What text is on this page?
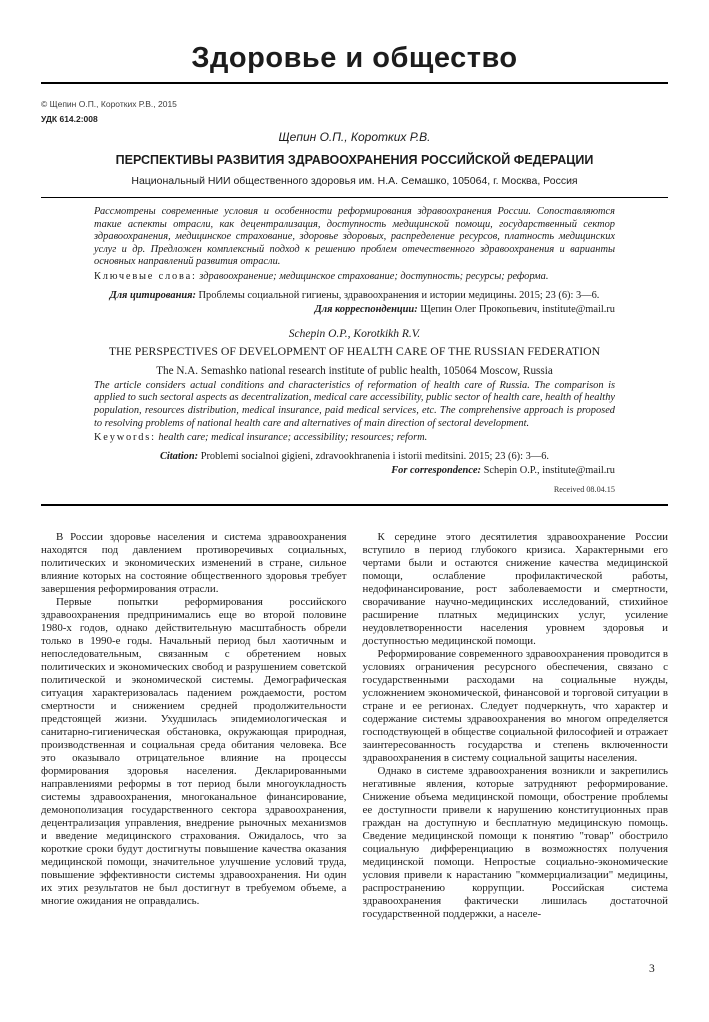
Здоровье и общество
© Щепин О.П., Коротких Р.В., 2015
УДК 614.2:008
Щепин О.П., Коротких Р.В.
ПЕРСПЕКТИВЫ РАЗВИТИЯ ЗДРАВООХРАНЕНИЯ РОССИЙСКОЙ ФЕДЕРАЦИИ
Национальный НИИ общественного здоровья им. Н.А. Семашко, 105064, г. Москва, Россия

Рассмотрены современные условия и особенности реформирования здравоохранения России. Сопоставляются такие аспекты отрасли, как децентрализация, доступность медицинской помощи, государственный сектор здравоохранения, медицинское страхование, здоровье здоровых, распределение ресурсов, платность медицинских услуг и др. Предложен комплексный подход к решению проблем отечественного здравоохранения и варианты основных направлений развития отрасли.

Ключевые слова: здравоохранение; медицинское страхование; доступность; ресурсы; реформа.

Для цитирования: Проблемы социальной гигиены, здравоохранения и истории медицины. 2015; 23 (6): 3—6.

Для корреспонденции: Щепин Олег Прокопьевич, institute@mail.ru

Schepin O.P., Korotkikh R.V.
THE PERSPECTIVES OF DEVELOPMENT OF HEALTH CARE OF THE RUSSIAN FEDERATION
The N.A. Semashko national research institute of public health, 105064 Moscow, Russia

The article considers actual conditions and characteristics of reformation of health care of Russia. The comparison is applied to such sectoral aspects as decentralization, medical care accessibility, public sector of health care, health of healthy population, resources distribution, medical insurance, paid medical services, etc. The comprehensive approach is proposed to resolving problems of national health care and alternatives of main direction of sectoral development.

Keywords: health care; medical insurance; accessibility; resources; reform.

Citation: Problemi socialnoi gigieni, zdravookhranenia i istorii meditsini. 2015; 23 (6): 3—6.

For correspondence: Schepin O.P., institute@mail.ru

Received 08.04.15

В России здоровье населения и система здравоохранения находятся под давлением противоречивых социальных, политических и экономических изменений в стране, сильное влияние которых на состояние общественного здоровья требует завершения реформирования отрасли.

Первые попытки реформирования российского здравоохранения предпринимались еще во второй половине 1980-х годов, однако действительную масштабность обрели только в 1990-е годы. Начальный период был хаотичным и непоследовательным, связанным с обретением новых политических и экономических свобод и разрушением советской политической и экономической системы. Демографическая ситуация характеризовалась падением рождаемости, ростом смертности и снижением средней продолжительности предстоящей жизни. Ухудшилась эпидемиологическая и санитарно-гигиеническая обстановка, окружающая природная, производственная и социальная среда обитания человека. Все это оказывало отрицательное влияние на процессы формирования здоровья населения. Декларированными направлениями реформы в тот период были многоукладность системы здравоохранения, многоканальное финансирование, демонополизация государственного сектора здравоохранения, децентрализация управления, внедрение рыночных механизмов и введение медицинского страхования. Ожидалось, что за короткие сроки будут достигнуты повышение качества оказания медицинской помощи, значительное улучшение условий труда, повышение эффективности системы здравоохранения. Ни один их этих результатов не был достигнут в требуемом объеме, а многие ожидания не оправдались.

К середине этого десятилетия здравоохранение России вступило в период глубокого кризиса. Характерными его чертами были и остаются снижение качества медицинской помощи, ослабление профилактической работы, недофинансирование, рост заболеваемости и смертности, сворачивание научно-медицинских исследований, стихийное расширение платных медицинских услуг, усиление неудовлетворенности населения уровнем здоровья и доступностью медицинской помощи.

Реформирование современного здравоохранения проводится в условиях ограничения ресурсного обеспечения, связано с государственными расходами на социальные нужды, усложнением экономической, финансовой и торговой ситуации в стране и ее регионах. Следует подчеркнуть, что характер и содержание системы здравоохранения во многом определяется господствующей в обществе социальной философией и отражает заинтересованность государства и степень включенности здравоохранения в систему социальной защиты населения.

Однако в системе здравоохранения возникли и закрепились негативные явления, которые затрудняют реформирование. Снижение объема медицинской помощи, обострение проблемы ее доступности привели к нарушению конституционных прав граждан на доступную и бесплатную медицинскую помощь. Сведение медицинской помощи к понятию "товар" обострило социальную дифференциацию в возможностях получения медицинской помощи. Непростые социально-экономические условия привели к нарастанию "коммерциализации" медицины, распространению коррупции. Российская система здравоохранения фактически лишилась достаточной государственной поддержки, а населе-

3
